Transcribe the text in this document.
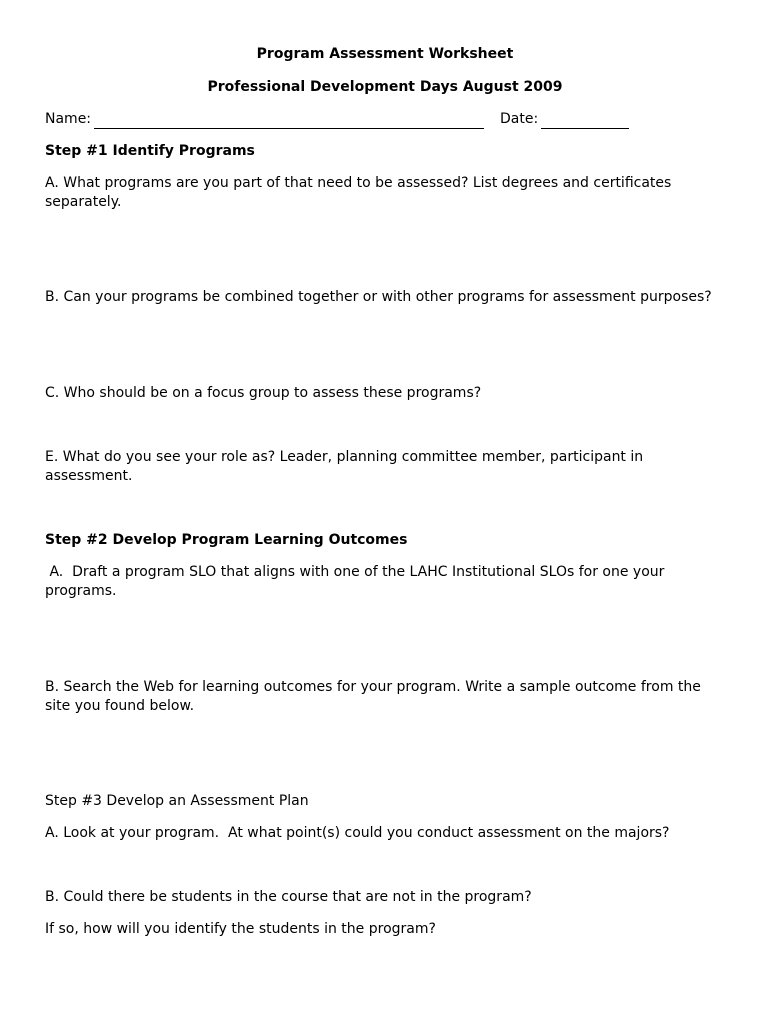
Program Assessment Worksheet

Professional Development Days August 2009

Name:	Date:

Step #1 Identify Programs

A. What programs are you part of that need to be assessed? List degrees and certificates separately.

B. Can your programs be combined together or with other programs for assessment purposes?

C. Who should be on a focus group to assess these programs?

E. What do you see your role as? Leader, planning committee member, participant in assessment.

Step #2 Develop Program Learning Outcomes

A.  Draft a program SLO that aligns with one of the LAHC Institutional SLOs for one your programs.

B. Search the Web for learning outcomes for your program. Write a sample outcome from the site you found below.

Step #3 Develop an Assessment Plan

A. Look at your program.  At what point(s) could you conduct assessment on the majors?

B. Could there be students in the course that are not in the program?

If so, how will you identify the students in the program?
